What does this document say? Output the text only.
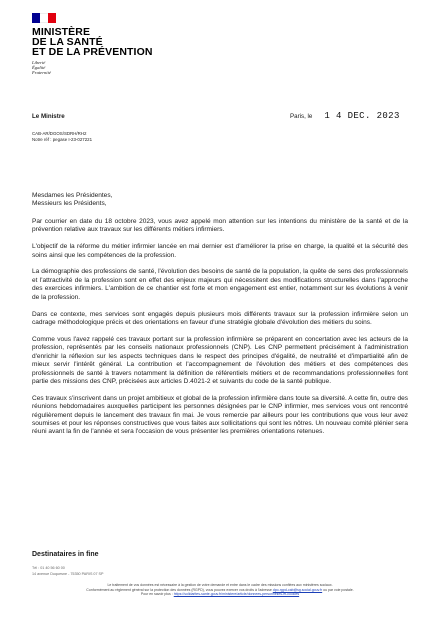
MINISTÈRE
DE LA SANTÉ
ET DE LA PRÉVENTION
Liberté
Égalité
Fraternité
Le Ministre	Paris, le 1 4 DEC. 2023
CAB-AR/DGOS/SDRH/RH2
Notre réf : pegase I-23-027221

Mesdames les Présidentes,

Messieurs les Présidents,

Par courrier en date du 18 octobre 2023, vous avez appelé mon attention sur les intentions du ministère de la santé et de la prévention relative aux travaux sur les différents métiers infirmiers.

L'objectif de la réforme du métier infirmier lancée en mai dernier est d'améliorer la prise en charge, la qualité et la sécurité des soins ainsi que les compétences de la profession.

La démographie des professions de santé, l'évolution des besoins de santé de la population, la quête de sens des professionnels et l'attractivité de la profession sont en effet des enjeux majeurs qui nécessitent des modifications structurelles dans l'approche des exercices infirmiers. L'ambition de ce chantier est forte et mon engagement est entier, notamment sur les évolutions à venir de la profession.

Dans ce contexte, mes services sont engagés depuis plusieurs mois différents travaux sur la profession infirmière selon un cadrage méthodologique précis et des orientations en faveur d'une stratégie globale d'évolution des métiers du soins.

Comme vous l'avez rappelé ces travaux portant sur la profession infirmière se préparent en concertation avec les acteurs de la profession, représentés par les conseils nationaux professionnels (CNP). Les CNP permettent précisément à l'administration d'enrichir la réflexion sur les aspects techniques dans le respect des principes d'égalité, de neutralité et d'impartialité afin de mieux servir l'intérêt général. La contribution et l'accompagnement de l'évolution des métiers et des compétences des professionnels de santé à travers notamment la définition de référentiels métiers et de recommandations professionnelles font partie des missions des CNP, précisées aux articles D.4021-2 et suivants du code de la santé publique.

Ces travaux s'inscrivent dans un projet ambitieux et global de la profession infirmière dans toute sa diversité. A cette fin, outre des réunions hebdomadaires auxquelles participent les personnes désignées par le CNP infirmier, mes services vous ont rencontré régulièrement depuis le lancement des travaux fin mai. Je vous remercie par ailleurs pour les contributions que vous leur avez soumises et pour les réponses constructives que vous faites aux sollicitations qui sont les nôtres. Un nouveau comité plénier sera réuni avant la fin de l'année et sera l'occasion de vous présenter les premières orientations retenues.

Destinataires in fine
Tél : 01 40 56 60 00
14 avenue Duquesne - 75350 PARIS 07 SP
Le traitement de vos données est nécessaire à la gestion de votre demande et entre dans le cadre des missions confiées aux ministères sociaux.
Conformément au règlement général sur la protection des données (RGPD), vous pouvez exercer vos droits à l'adresse dpo-rgpd-cab@sg.social.gouv.fr ou par voie postale.
Pour en savoir plus : https://solidarites-sante.gouv.fr/ministere/article/donnees-personnelles-et-cookies
